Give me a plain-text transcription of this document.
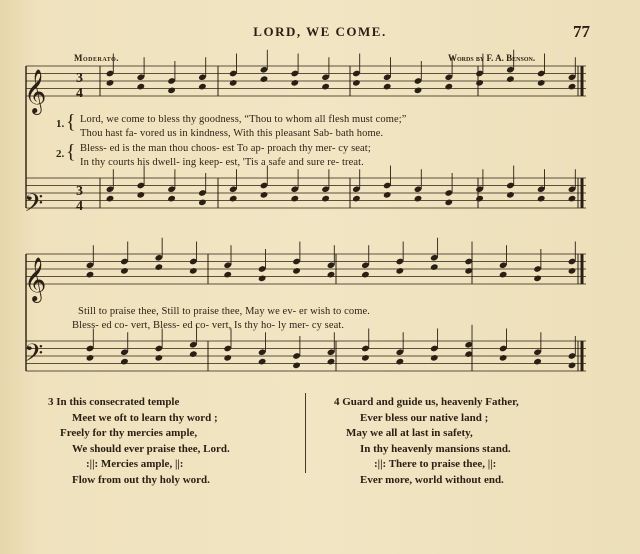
LORD, WE COME.	77
Moderato.	Words by F. A. Benson.
𝄞
𝄢
𝄞
𝄢
3
4
3
4
1. {
2. {
Lord, we come to bless thy goodness, “Thou to whom all flesh must come;”
Thou hast fa- vored us in kindness, With this pleasant Sab- bath home.
Bless- ed is the man thou choos- est To ap- proach thy mer- cy seat;
In thy courts his dwell- ing keep- est, 'Tis a safe and sure re- treat.
Still to praise thee, Still to praise thee, May we ev- er wish to come.
Bless- ed co- vert, Bless- ed co- vert, Is thy ho- ly mer- cy seat.
3 In this consecrated temple
Meet we oft to learn thy word ;
Freely for thy mercies ample,
We should ever praise thee, Lord.
:||: Mercies ample, ||:
Flow from out thy holy word.
4 Guard and guide us, heavenly Father,
Ever bless our native land ;
May we all at last in safety,
In thy heavenly mansions stand.
:||: There to praise thee, ||:
Ever more, world without end.
